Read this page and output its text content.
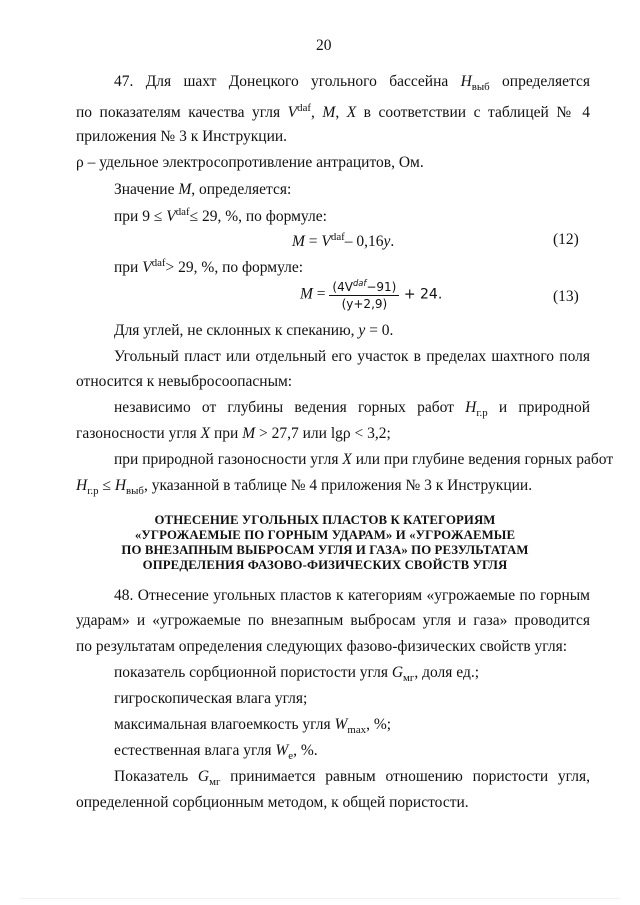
20
47. Для шахт Донецкого угольного бассейна $H_{выб}$ определяется
по показателям качества угля $V^{daf}$, M, X в соответствии с таблицей № 4
приложения № 3 к Инструкции.
ρ – удельное электросопротивление антрацитов, Ом.
Значение M, определяется:
при $9 \le V^{daf}\le 29$, %, по формуле:
$M = V^{daf}-$ 0,16y.	(12)
при $V^{daf}> 29$, %, по формуле:
$M = \frac{(4V^{daf}-91)}{(y+2,9)} + 24$.	(13)
Для углей, не склонных к спеканию, y = 0.
Угольный пласт или отдельный его участок в пределах шахтного поля
относится к невыбросоопасным:
независимо от глубины ведения горных работ $H_{г.р}$ и природной
газоносности угля X при M > 27,7 или lgρ < 3,2;
при природной газоносности угля X или при глубине ведения горных работ
$H_{г.р} \le H_{выб}$, указанной в таблице № 4 приложения № 3 к Инструкции.
ОТНЕСЕНИЕ УГОЛЬНЫХ ПЛАСТОВ К КАТЕГОРИЯМ
«УГРОЖАЕМЫЕ ПО ГОРНЫМ УДАРАМ» И «УГРОЖАЕМЫЕ
ПО ВНЕЗАПНЫМ ВЫБРОСАМ УГЛЯ И ГАЗА» ПО РЕЗУЛЬТАТАМ
ОПРЕДЕЛЕНИЯ ФАЗОВО-ФИЗИЧЕСКИХ СВОЙСТВ УГЛЯ
48. Отнесение угольных пластов к категориям «угрожаемые по горным
ударам» и «угрожаемые по внезапным выбросам угля и газа» проводится
по результатам определения следующих фазово-физических свойств угля:
показатель сорбционной пористости угля $G_{мг}$, доля ед.;
гигроскопическая влага угля;
максимальная влагоемкость угля $W_{max}$, %;
естественная влага угля $W_e$, %.
Показатель $G_{мг}$ принимается равным отношению пористости угля,
определенной сорбционным методом, к общей пористости.
